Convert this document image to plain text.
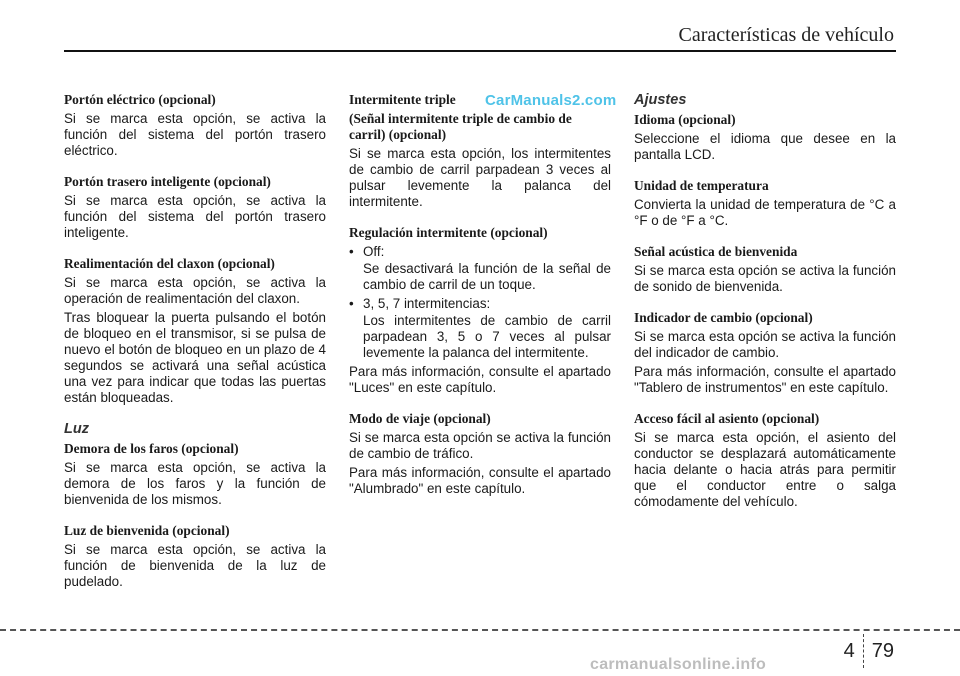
Características de vehículo
CarManuals2.com
Portón eléctrico (opcional)

Si se marca esta opción, se activa la función del sistema del portón trasero eléctrico.

Portón trasero inteligente (opcional)

Si se marca esta opción, se activa la función del sistema del portón trasero inteligente.

Realimentación del claxon (opcional)

Si se marca esta opción, se activa la operación de realimentación del claxon.

Tras bloquear la puerta pulsando el botón de bloqueo en el transmisor, si se pulsa de nuevo el botón de bloqueo en un plazo de 4 segundos se activará una señal acústica una vez para indicar que todas las puertas están bloqueadas.

Luz
Demora de los faros (opcional)

Si se marca esta opción, se activa la demora de los faros y la función de bienvenida de los mismos.

Luz de bienvenida (opcional)

Si se marca esta opción, se activa la función de bienvenida de la luz de pudelado.

Intermitente triple
(Señal intermitente triple de cambio de carril) (opcional)

Si se marca esta opción, los intermitentes de cambio de carril parpadean 3 veces al pulsar levemente la palanca del intermitente.

Regulación intermitente (opcional)
• Off:

Se desactivará la función de la señal de cambio de carril de un toque.

• 3, 5, 7 intermitencias:

Los intermitentes de cambio de carril parpadean 3, 5 o 7 veces al pulsar levemente la palanca del intermitente.

Para más información, consulte el apartado "Luces" en este capítulo.

Modo de viaje (opcional)

Si se marca esta opción se activa la función de cambio de tráfico.

Para más información, consulte el apartado "Alumbrado" en este capítulo.

Ajustes
Idioma (opcional)

Seleccione el idioma que desee en la pantalla LCD.

Unidad de temperatura

Convierta la unidad de temperatura de °C a °F o de °F a °C.

Señal acústica de bienvenida

Si se marca esta opción se activa la función de sonido de bienvenida.

Indicador de cambio (opcional)

Si se marca esta opción se activa la función del indicador de cambio.

Para más información, consulte el apartado "Tablero de instrumentos" en este capítulo.

Acceso fácil al asiento (opcional)

Si se marca esta opción, el asiento del conductor se desplazará automáticamente hacia delante o hacia atrás para permitir que el conductor entre o salga cómodamente del vehículo.

4 79
carmanualsonline.info
